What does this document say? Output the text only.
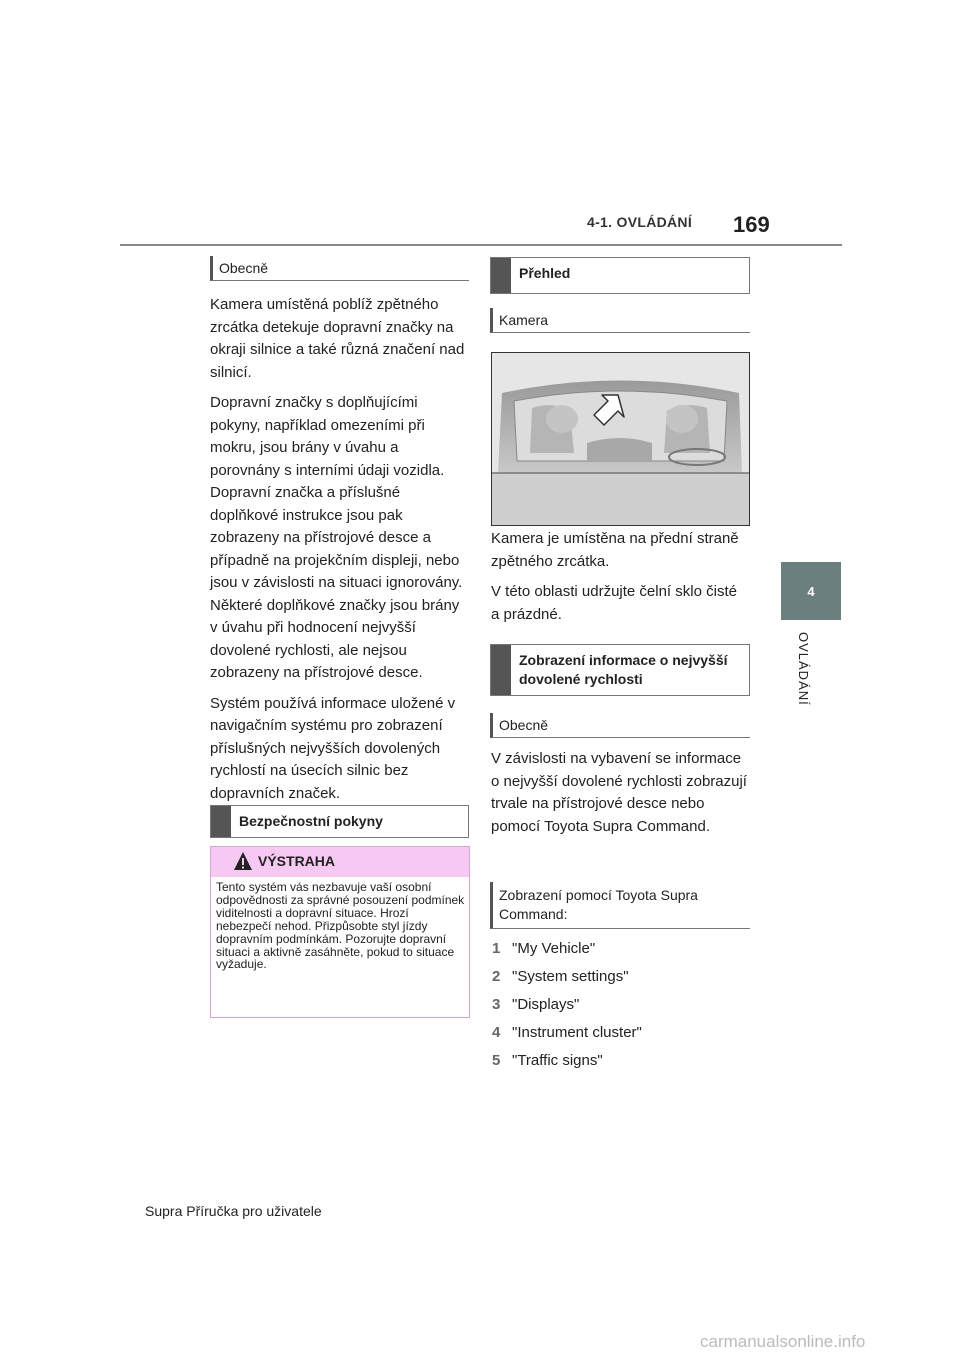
4-1. OVLÁDÁNÍ 169
4
OVLÁDÁNÍ
Obecně

Kamera umístěná poblíž zpětného zrcátka detekuje dopravní značky na okraji silnice a také různá značení nad silnicí.

Dopravní značky s doplňujícími pokyny, například omezeními při mokru, jsou brány v úvahu a porovnány s interními údaji vozidla. Dopravní značka a příslušné doplňkové instrukce jsou pak zobrazeny na přístrojové desce a případně na projekčním displeji, nebo jsou v závislosti na situaci ignorovány. Některé doplňkové značky jsou brány v úvahu při hodnocení nejvyšší dovolené rychlosti, ale nejsou zobrazeny na přístrojové desce.

Systém používá informace uložené v navigačním systému pro zobrazení příslušných nejvyšších dovolených rychlostí na úsecích silnic bez dopravních značek.

Bezpečnostní pokyny
VÝSTRAHA
Tento systém vás nezbavuje vaší osobní odpovědnosti za správné posouzení podmínek viditelnosti a dopravní situace. Hrozí nebezpečí nehod. Přizpůsobte styl jízdy dopravním podmínkám. Pozorujte dopravní situaci a aktivně zasáhněte, pokud to situace vyžaduje.
Přehled
Kamera

Kamera je umístěna na přední straně zpětného zrcátka.

V této oblasti udržujte čelní sklo čisté a prázdné.

Zobrazení informace o nejvyšší dovolené rychlosti
Obecně

V závislosti na vybavení se informace o nejvyšší dovolené rychlosti zobrazují trvale na přístrojové desce nebo pomocí Toyota Supra Command.

Zobrazení pomocí Toyota Supra Command:
1 "My Vehicle"
2 "System settings"
3 "Displays"
4 "Instrument cluster"
5 "Traffic signs"
Supra Příručka pro uživatele
carmanualsonline.info
